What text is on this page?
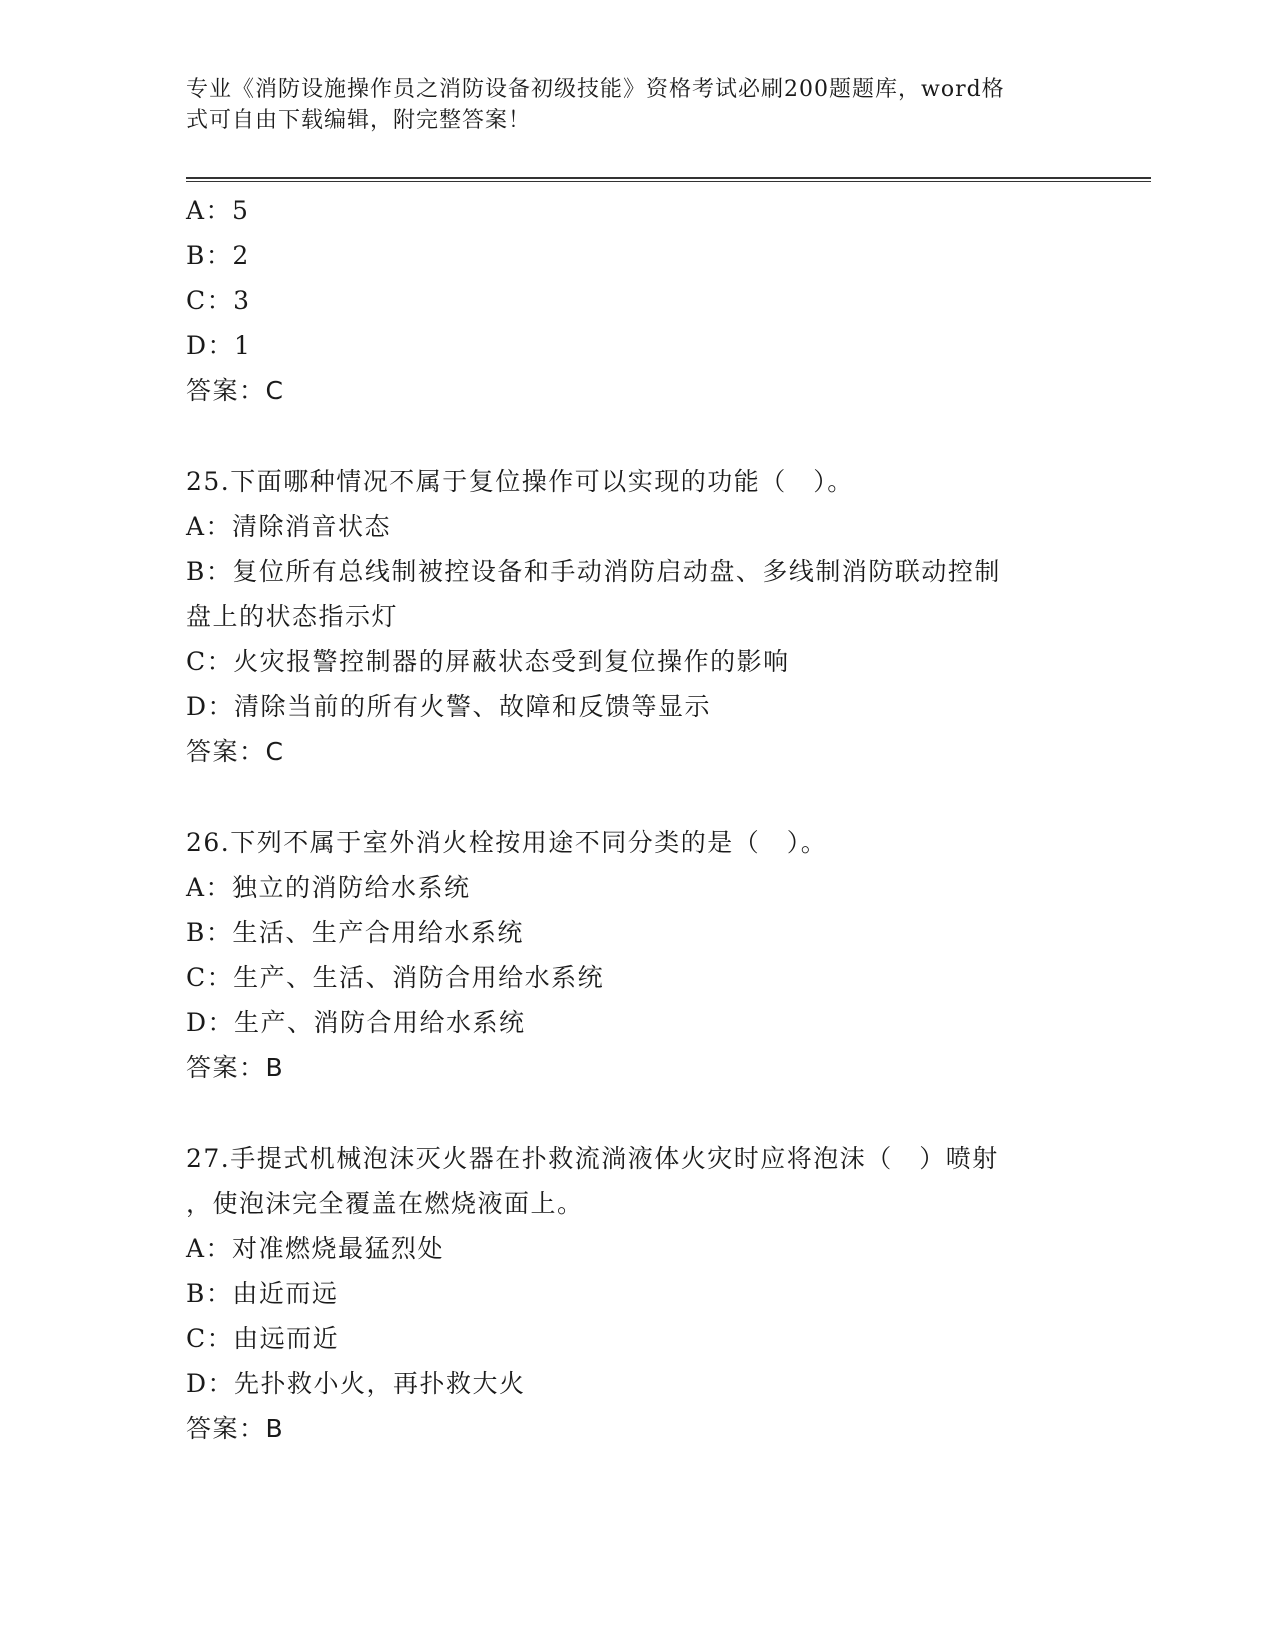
专业《消防设施操作员之消防设备初级技能》资格考试必刷200题题库，word格
式可自由下载编辑，附完整答案！
A：5
B：2
C：3
D：1
答案：C
25.下面哪种情况不属于复位操作可以实现的功能（　）。
A：清除消音状态
B：复位所有总线制被控设备和手动消防启动盘、多线制消防联动控制
盘上的状态指示灯
C：火灾报警控制器的屏蔽状态受到复位操作的影响
D：清除当前的所有火警、故障和反馈等显示
答案：C
26.下列不属于室外消火栓按用途不同分类的是（　）。
A：独立的消防给水系统
B：生活、生产合用给水系统
C：生产、生活、消防合用给水系统
D：生产、消防合用给水系统
答案：B
27.手提式机械泡沫灭火器在扑救流淌液体火灾时应将泡沫（　）喷射
，使泡沫完全覆盖在燃烧液面上。
A：对准燃烧最猛烈处
B：由近而远
C：由远而近
D：先扑救小火，再扑救大火
答案：B
